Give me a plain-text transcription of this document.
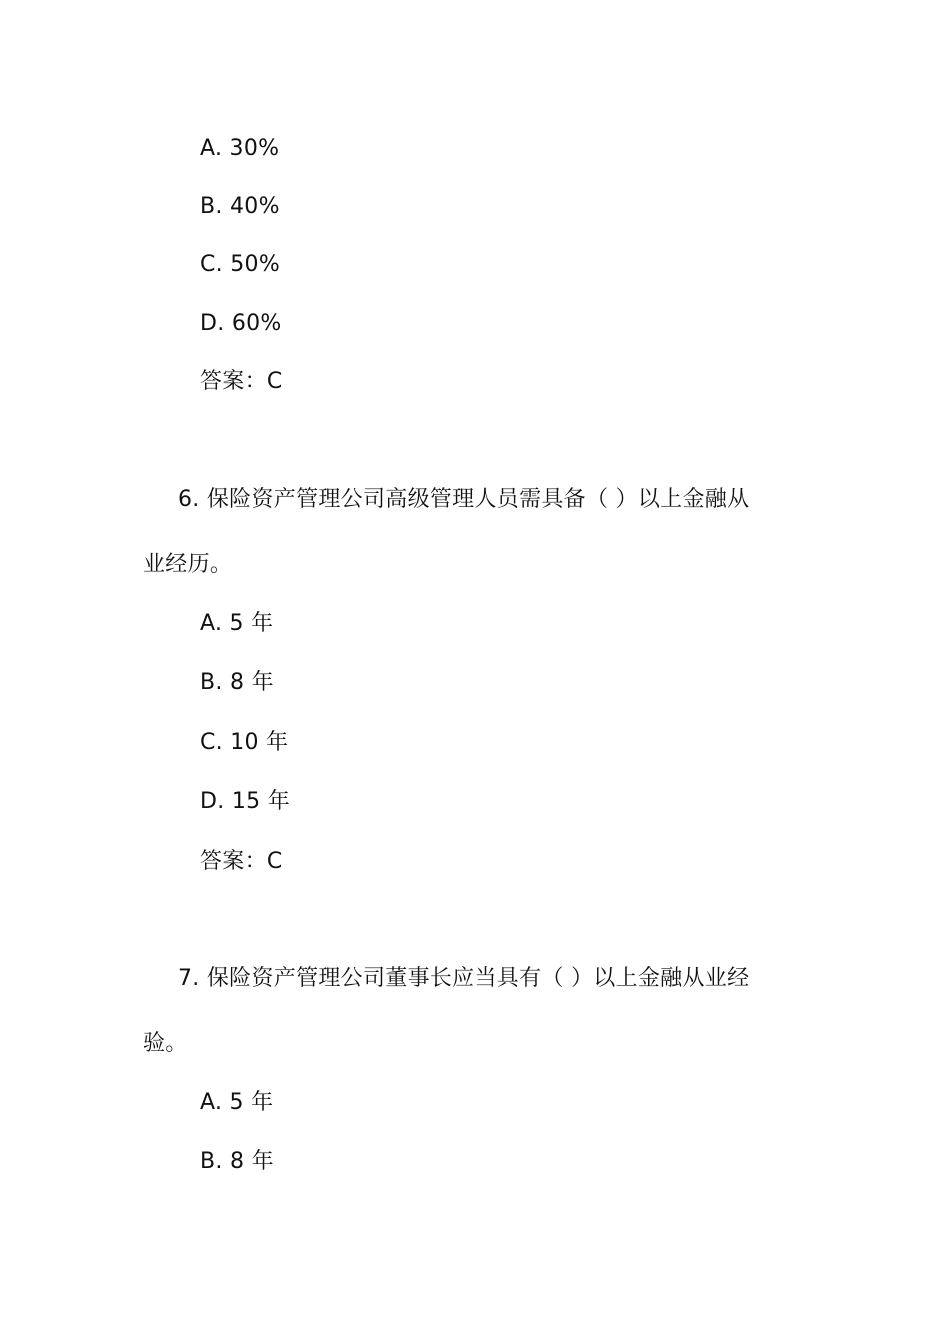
A. 30%
B. 40%
C. 50%
D. 60%
答案：C
6. 保险资产管理公司高级管理人员需具备（ ）以上金融从
业经历。
A. 5 年
B. 8 年
C. 10 年
D. 15 年
答案：C
7. 保险资产管理公司董事长应当具有（ ）以上金融从业经
验。
A. 5 年
B. 8 年
